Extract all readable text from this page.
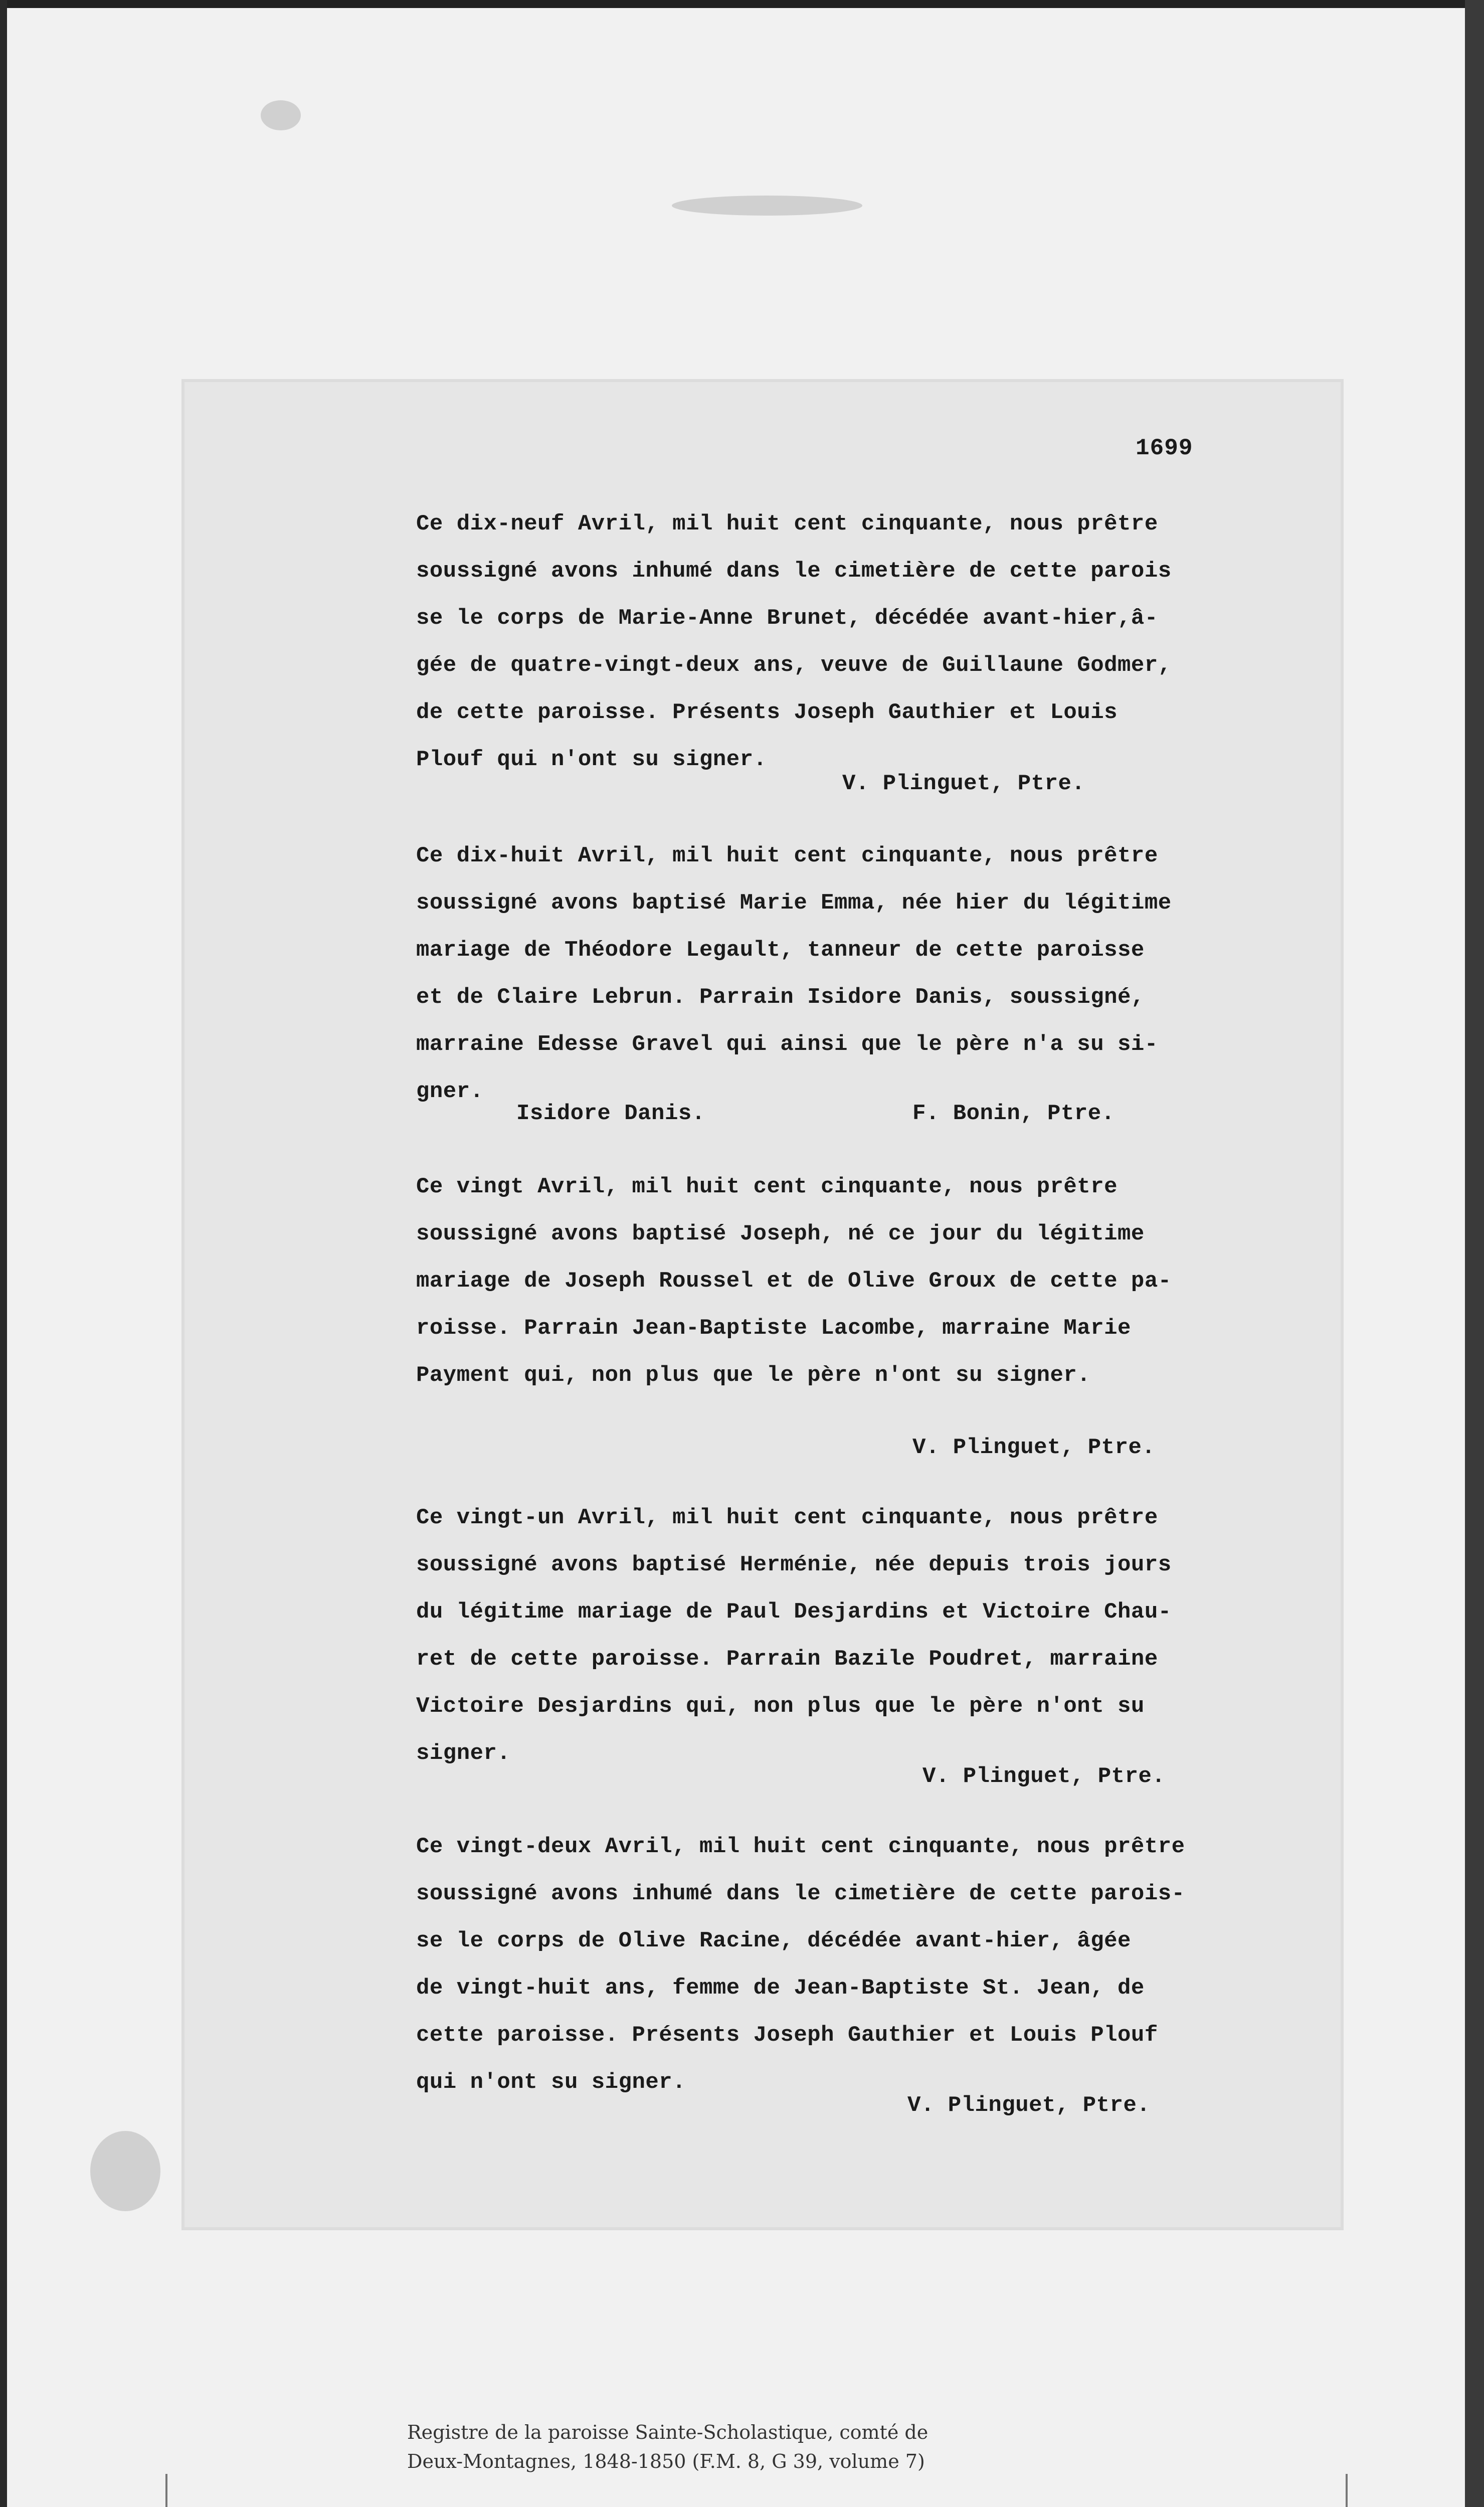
1699
Ce dix-neuf Avril, mil huit cent cinquante, nous prêtre
soussigné avons inhumé dans le cimetière de cette parois
se le corps de Marie-Anne Brunet, décédée avant-hier,â-
gée de quatre-vingt-deux ans, veuve de Guillaune Godmer,
de cette paroisse. Présents Joseph Gauthier et Louis
Plouf qui n'ont su signer.
V. Plinguet, Ptre.
Ce dix-huit Avril, mil huit cent cinquante, nous prêtre
soussigné avons baptisé Marie Emma, née hier du légitime
mariage de Théodore Legault, tanneur de cette paroisse
et de Claire Lebrun. Parrain Isidore Danis, soussigné,
marraine Edesse Gravel qui ainsi que le père n'a su si-
gner.
Isidore Danis.	F. Bonin, Ptre.
Ce vingt Avril, mil huit cent cinquante, nous prêtre
soussigné avons baptisé Joseph, né ce jour du légitime
mariage de Joseph Roussel et de Olive Groux de cette pa-
roisse. Parrain Jean-Baptiste Lacombe, marraine Marie
Payment qui, non plus que le père n'ont su signer.
V. Plinguet, Ptre.
Ce vingt-un Avril, mil huit cent cinquante, nous prêtre
soussigné avons baptisé Herménie, née depuis trois jours
du légitime mariage de Paul Desjardins et Victoire Chau-
ret de cette paroisse. Parrain Bazile Poudret, marraine
Victoire Desjardins qui, non plus que le père n'ont su
signer.
V. Plinguet, Ptre.
Ce vingt-deux Avril, mil huit cent cinquante, nous prêtre
soussigné avons inhumé dans le cimetière de cette parois-
se le corps de Olive Racine, décédée avant-hier, âgée
de vingt-huit ans, femme de Jean-Baptiste St. Jean, de
cette paroisse. Présents Joseph Gauthier et Louis Plouf
qui n'ont su signer.
V. Plinguet, Ptre.
Registre de la paroisse Sainte-Scholastique, comté de
Deux-Montagnes, 1848-1850 (F.M. 8, G 39, volume 7)
